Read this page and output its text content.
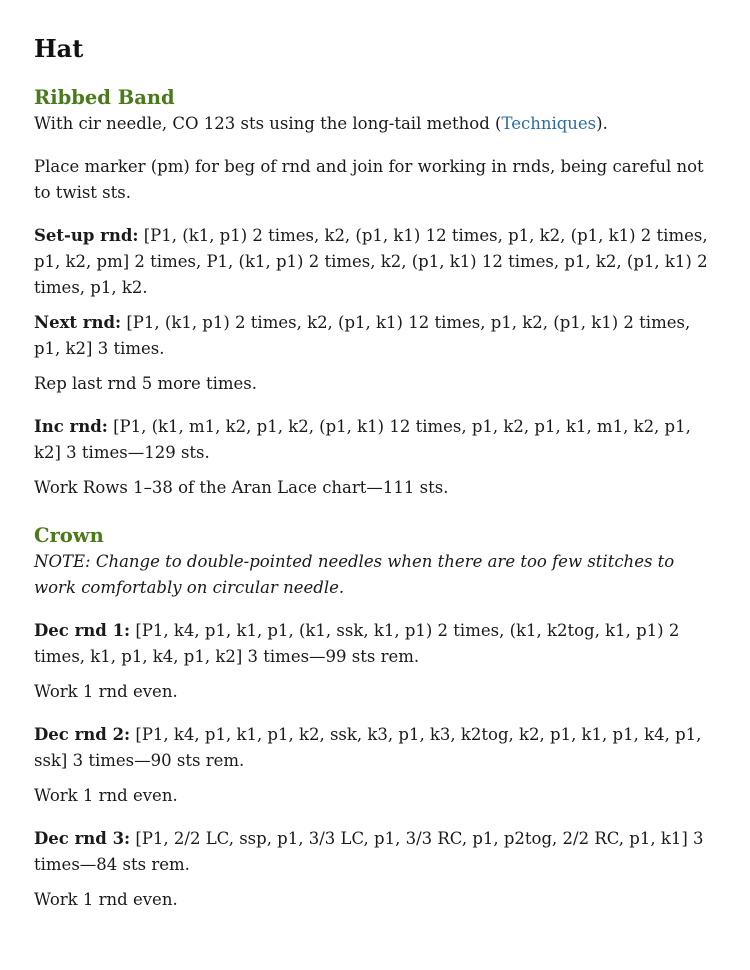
Hat
Ribbed Band

With cir needle, CO 123 sts using the long-tail method (Techniques).

Place marker (pm) for beg of rnd and join for working in rnds, being careful not to twist sts.

Set-up rnd: [P1, (k1, p1) 2 times, k2, (p1, k1) 12 times, p1, k2, (p1, k1) 2 times, p1, k2, pm] 2 times, P1, (k1, p1) 2 times, k2, (p1, k1) 12 times, p1, k2, (p1, k1) 2 times, p1, k2.

Next rnd: [P1, (k1, p1) 2 times, k2, (p1, k1) 12 times, p1, k2, (p1, k1) 2 times, p1, k2] 3 times.

Rep last rnd 5 more times.

Inc rnd: [P1, (k1, m1, k2, p1, k2, (p1, k1) 12 times, p1, k2, p1, k1, m1, k2, p1, k2] 3 times—129 sts.

Work Rows 1–38 of the Aran Lace chart—111 sts.

Crown

NOTE: Change to double-pointed needles when there are too few stitches to work comfortably on circular needle.

Dec rnd 1: [P1, k4, p1, k1, p1, (k1, ssk, k1, p1) 2 times, (k1, k2tog, k1, p1) 2 times, k1, p1, k4, p1, k2] 3 times—99 sts rem.

Work 1 rnd even.

Dec rnd 2: [P1, k4, p1, k1, p1, k2, ssk, k3, p1, k3, k2tog, k2, p1, k1, p1, k4, p1, ssk] 3 times—90 sts rem.

Work 1 rnd even.

Dec rnd 3: [P1, 2/2 LC, ssp, p1, 3/3 LC, p1, 3/3 RC, p1, p2tog, 2/2 RC, p1, k1] 3 times—84 sts rem.

Work 1 rnd even.
